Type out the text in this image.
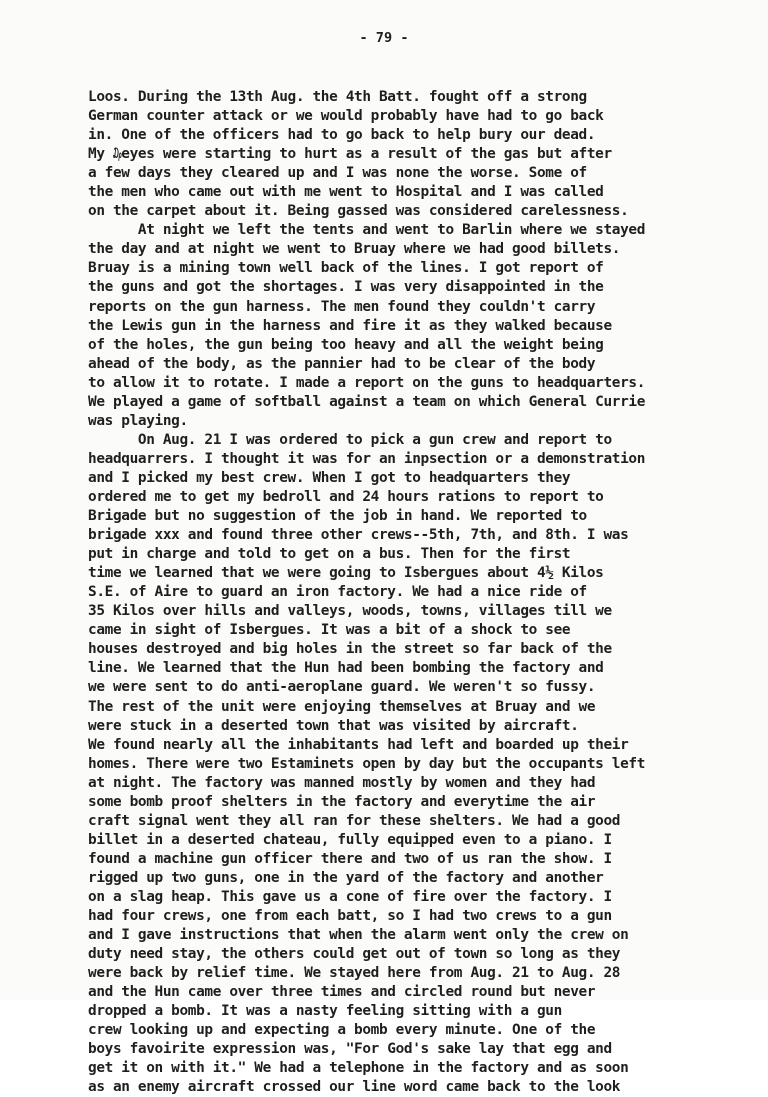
- 79 -
Loos. During the 13th Aug. the 4th Batt. fought off a strong
German counter attack or we would probably have had to go back
in. One of the officers had to go back to help bury our dead.
My ₯eyes were starting to hurt as a result of the gas but after
a few days they cleared up and I was none the worse. Some of
the men who came out with me went to Hospital and I was called
on the carpet about it. Being gassed was considered carelessness.
At night we left the tents and went to Barlin where we stayed
the day and at night we went to Bruay where we had good billets.
Bruay is a mining town well back of the lines. I got report of
the guns and got the shortages. I was very disappointed in the
reports on the gun harness. The men found they couldn't carry
the Lewis gun in the harness and fire it as they walked because
of the holes, the gun being too heavy and all the weight being
ahead of the body, as the pannier had to be clear of the body
to allow it to rotate. I made a report on the guns to headquarters.
We played a game of softball against a team on which General Currie
was playing.
On Aug. 21 I was ordered to pick a gun crew and report to
headquarrers. I thought it was for an inpsection or a demonstration
and I picked my best crew. When I got to headquarters they
ordered me to get my bedroll and 24 hours rations to report to
Brigade but no suggestion of the job in hand. We reported to
brigade xxx and found three other crews--5th, 7th, and 8th. I was
put in charge and told to get on a bus. Then for the first
time we learned that we were going to Isbergues about 4½ Kilos
S.E. of Aire to guard an iron factory. We had a nice ride of
35 Kilos over hills and valleys, woods, towns, villages till we
came in sight of Isbergues. It was a bit of a shock to see
houses destroyed and big holes in the street so far back of the
line. We learned that the Hun had been bombing the factory and
we were sent to do anti-aeroplane guard. We weren't so fussy.
The rest of the unit were enjoying themselves at Bruay and we
were stuck in a deserted town that was visited by aircraft.
We found nearly all the inhabitants had left and boarded up their
homes. There were two Estaminets open by day but the occupants left
at night. The factory was manned mostly by women and they had
some bomb proof shelters in the factory and everytime the air
craft signal went they all ran for these shelters. We had a good
billet in a deserted chateau, fully equipped even to a piano. I
found a machine gun officer there and two of us ran the show. I
rigged up two guns, one in the yard of the factory and another
on a slag heap. This gave us a cone of fire over the factory. I
had four crews, one from each batt, so I had two crews to a gun
and I gave instructions that when the alarm went only the crew on
duty need stay, the others could get out of town so long as they
were back by relief time. We stayed here from Aug. 21 to Aug. 28
and the Hun came over three times and circled round but never
dropped a bomb. It was a nasty feeling sitting with a gun
crew looking up and expecting a bomb every minute. One of the
boys favoirite expression was, "For God's sake lay that egg and
get it on with it." We had a telephone in the factory and as soon
as an enemy aircraft crossed our line word came back to the look
